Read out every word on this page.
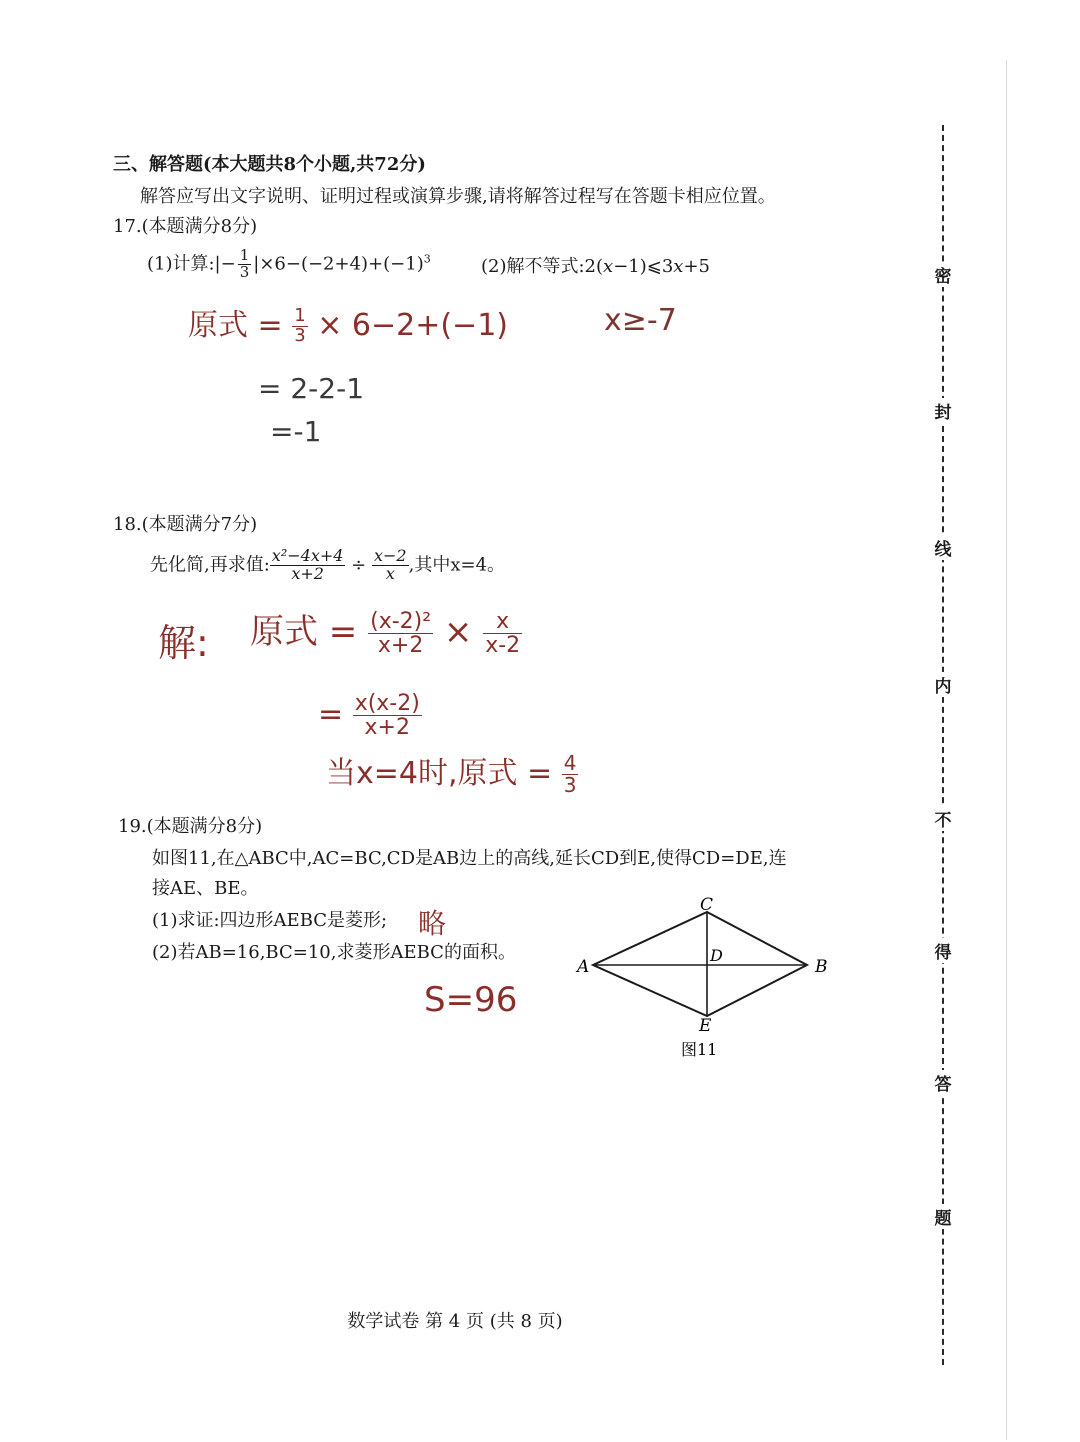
三、解答题(本大题共8个小题,共72分)
解答应写出文字说明、证明过程或演算步骤,请将解答过程写在答题卡相应位置。
17.(本题满分8分)
(1)计算:|− $\frac{1}{3} |\times 6-(-2+4)+(-1)^3$	(2)解不等式:2(x−1)⩽3x+5
原式 = $\frac{1}{3} \times 6-2+(-1)$
= 2-2-1
=-1
x≥-7
18.(本题满分7分)
先化简,再求值: $\frac{\text{x²−4x+4}}{x+2} \div \frac{x-2}{x}$ ,其中x=4。
解: 原式 = $\frac{\text{(x-2)²}}{x+2} \times \frac{x}{x-2}$
= $\frac{x(x-2)}{x+2}$
当x=4时,原式 = $\frac{4}{3}$
19.(本题满分8分)
如图11,在△ABC中,AC=BC,CD是AB边上的高线,延长CD到E,使得CD=DE,连
接AE、BE。
(1)求证:四边形AEBC是菱形;
(2)若AB=16,BC=10,求菱形AEBC的面积。
略
S=96
A	B
C
D
E
图11
密
封
线
内
不
得
答
题
数学试卷 第 4 页 (共 8 页)
